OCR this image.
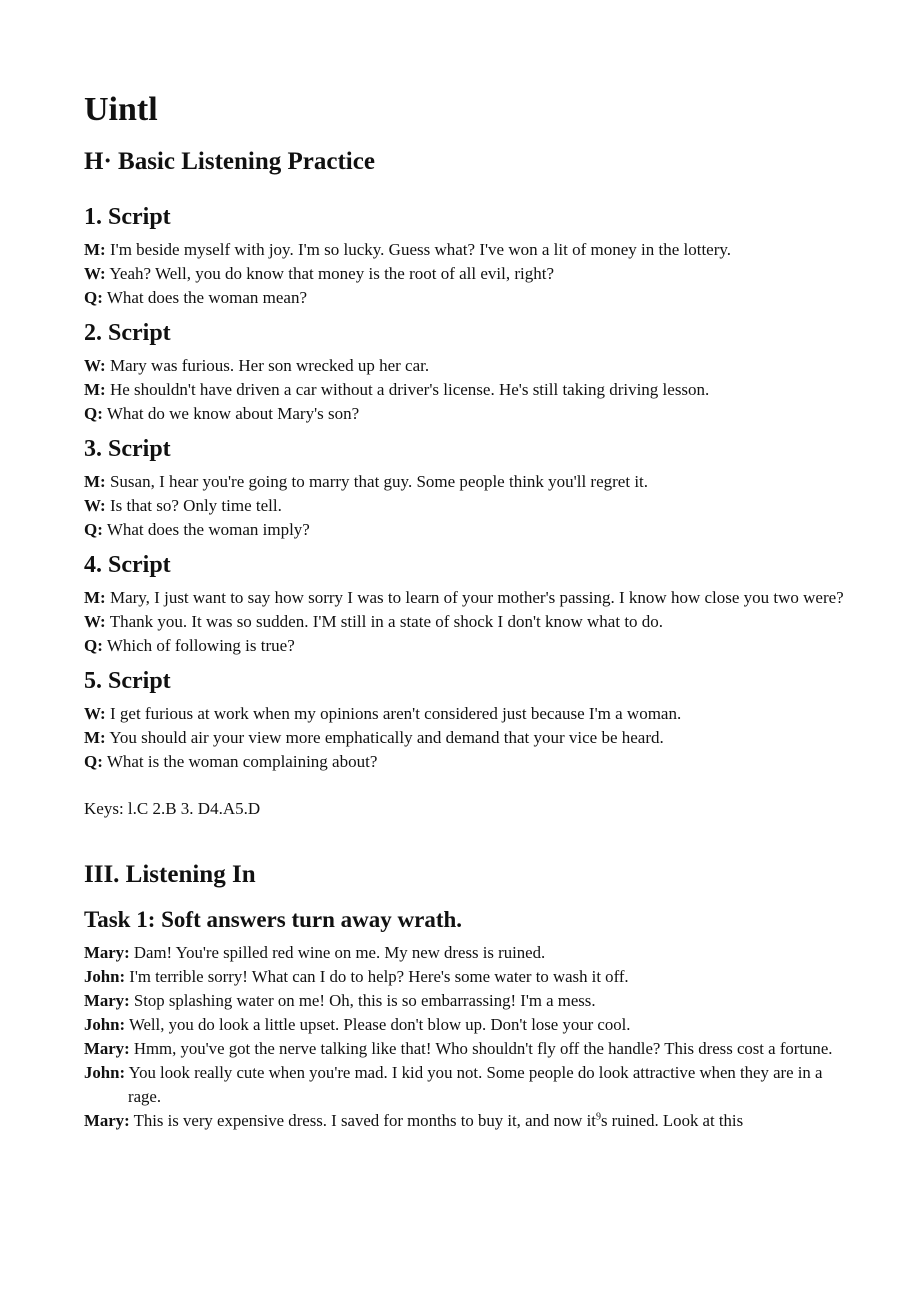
Uintl
H· Basic Listening Practice
1. Script
M: I'm beside myself with joy. I'm so lucky. Guess what? I've won a lit of money in the lottery.
W: Yeah? Well, you do know that money is the root of all evil, right?
Q: What does the woman mean?
2. Script
W: Mary was furious. Her son wrecked up her car.
M: He shouldn't have driven a car without a driver's license. He's still taking driving lesson.
Q: What do we know about Mary's son?
3. Script
M: Susan, I hear you're going to marry that guy. Some people think you'll regret it.
W: Is that so? Only time tell.
Q: What does the woman imply?
4. Script
M: Mary, I just want to say how sorry I was to learn of your mother's passing. I know how close you two were?
W: Thank you. It was so sudden. I'M still in a state of shock I don't know what to do.
Q: Which of following is true?
5. Script
W: I get furious at work when my opinions aren't considered just because I'm a woman.
M: You should air your view more emphatically and demand that your vice be heard.
Q: What is the woman complaining about?
Keys: l.C 2.B 3. D4.A5.D
III. Listening In
Task 1: Soft answers turn away wrath.
Mary: Dam! You're spilled red wine on me. My new dress is ruined.
John: I'm terrible sorry! What can I do to help? Here's some water to wash it off.
Mary: Stop splashing water on me! Oh, this is so embarrassing! I'm a mess.
John: Well, you do look a little upset. Please don't blow up. Don't lose your cool.
Mary: Hmm, you've got the nerve talking like that! Who shouldn't fly off the handle? This dress cost a fortune.
John: You look really cute when you're mad. I kid you not. Some people do look attractive when they are in a rage.
Mary: This is very expensive dress. I saved for months to buy it, and now $it^9s$ ruined. Look at this
